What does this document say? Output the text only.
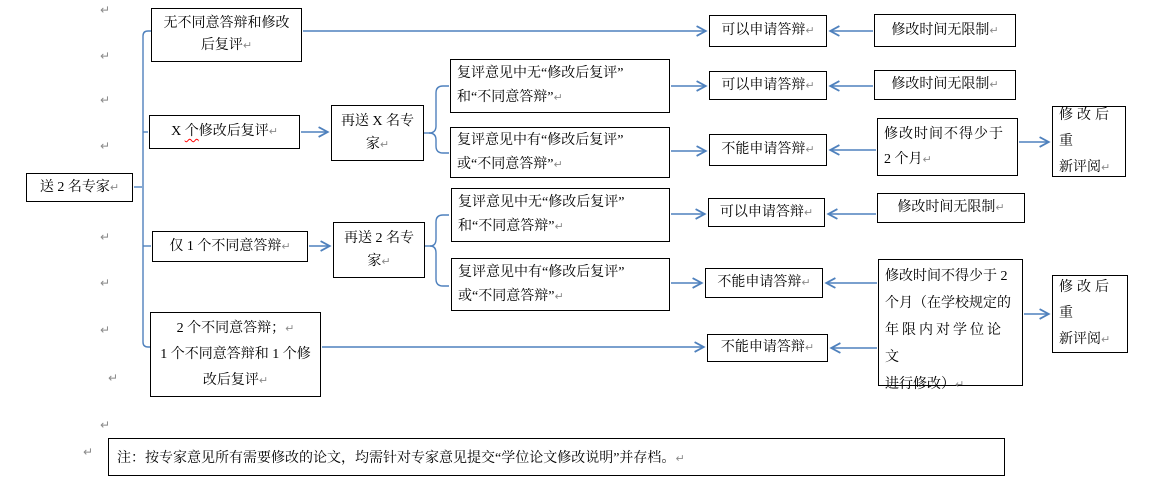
↵
↵
↵
↵
↵
↵
↵
↵
↵
↵
送 2 名专家↵
无不同意答辩和修改
后复评↵
X 个修改后复评↵
仅 1 个不同意答辩↵
2 个不同意答辩；↵
1 个不同意答辩和 1 个修
改后复评↵
再送 X 名专
家↵
再送 2 名专
家↵
复评意见中无“修改后复评”
和“不同意答辩”↵
复评意见中有“修改后复评”
或“不同意答辩”↵
复评意见中无“修改后复评”
和“不同意答辩”↵
复评意见中有“修改后复评”
或“不同意答辩”↵
可以申请答辩↵
可以申请答辩↵
可以申请答辩↵
不能申请答辩↵
不能申请答辩↵
不能申请答辩↵
修改时间无限制↵
修改时间无限制↵
修改时间无限制↵
修改时间不得少于
2 个月↵
修改时间不得少于 2
个月（在学校规定的
年限内对学位论文
进行修改）↵
修改后重
新评阅↵
修改后重
新评阅↵
注：按专家意见所有需要修改的论文，均需针对专家意见提交“学位论文修改说明”并存档。↵
